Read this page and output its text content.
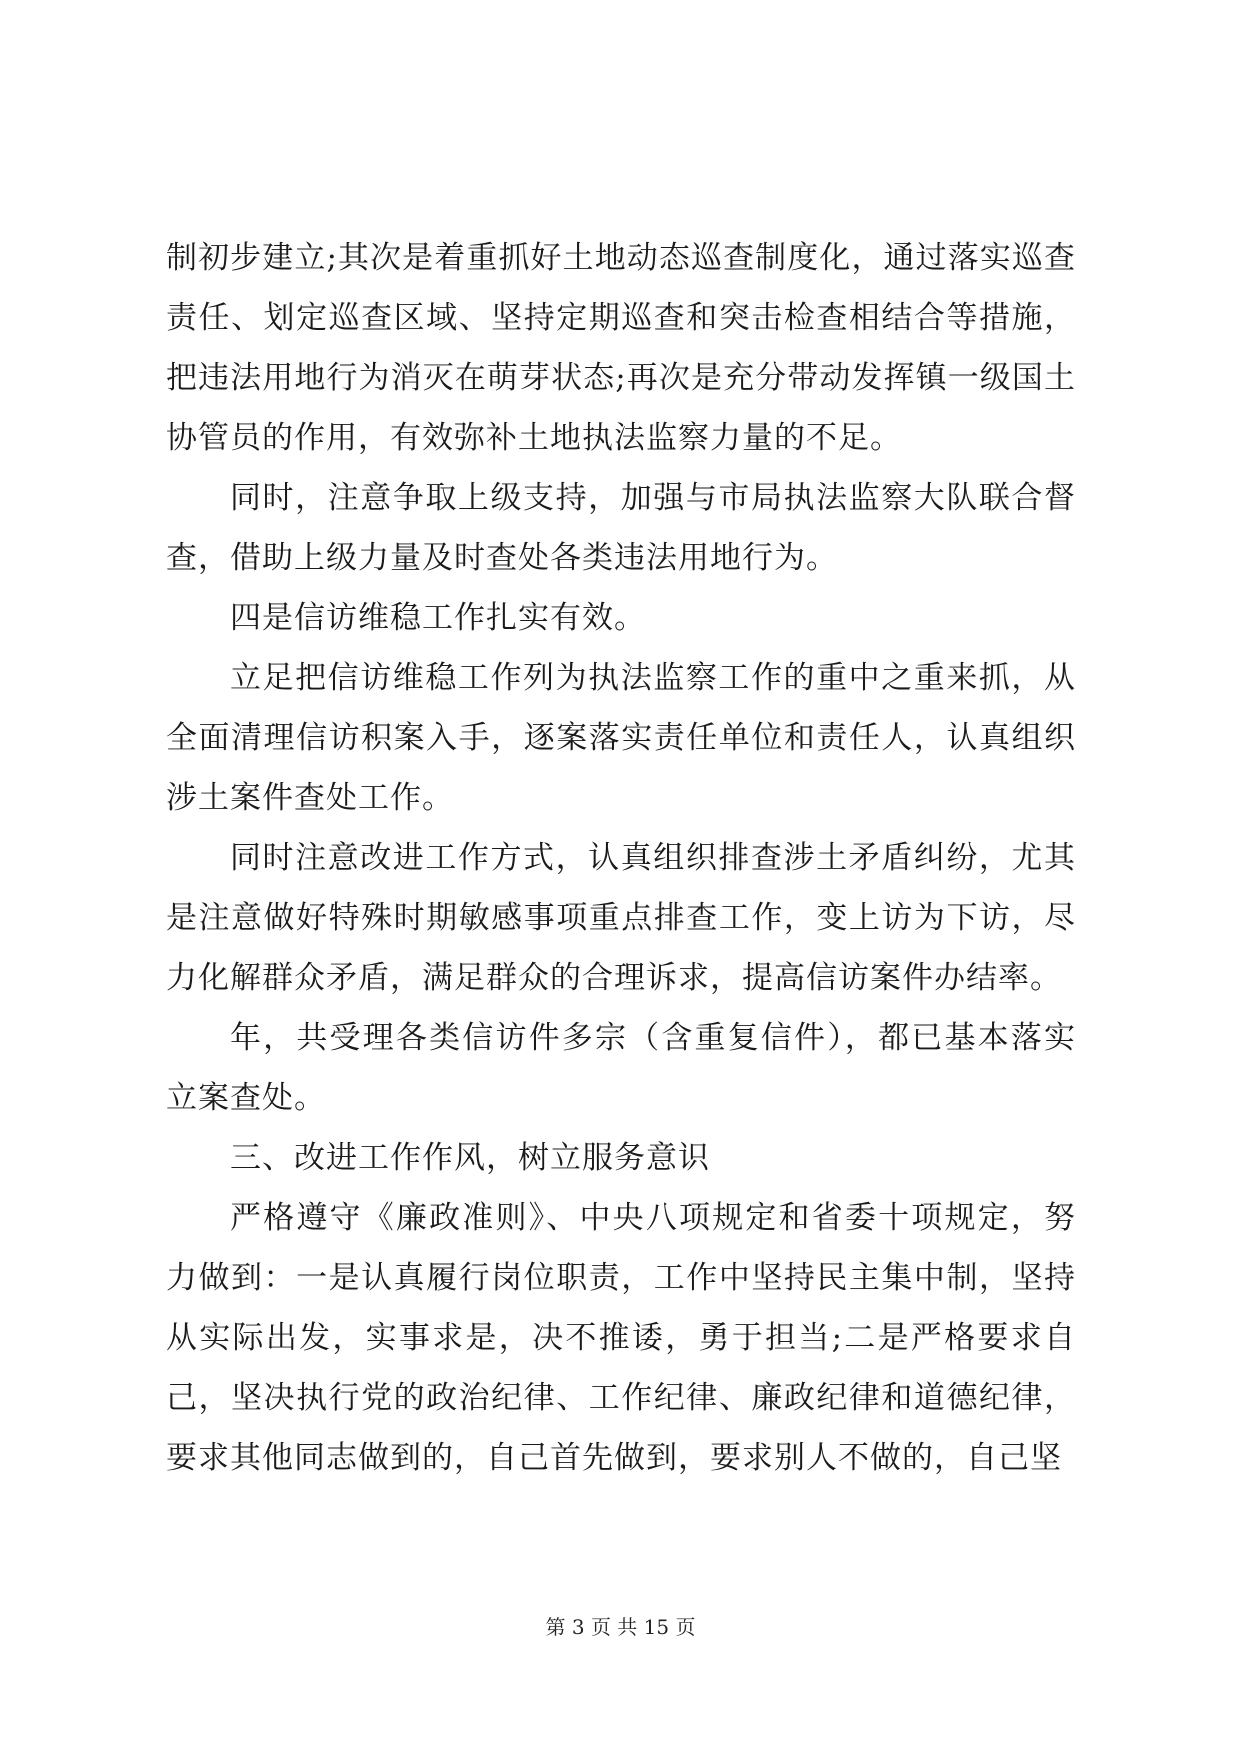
制初步建立;其次是着重抓好土地动态巡查制度化，通过落实巡查责任、划定巡查区域、坚持定期巡查和突击检查相结合等措施，把违法用地行为消灭在萌芽状态;再次是充分带动发挥镇一级国土协管员的作用，有效弥补土地执法监察力量的不足。

同时，注意争取上级支持，加强与市局执法监察大队联合督查，借助上级力量及时查处各类违法用地行为。

四是信访维稳工作扎实有效。

立足把信访维稳工作列为执法监察工作的重中之重来抓，从全面清理信访积案入手，逐案落实责任单位和责任人，认真组织涉土案件查处工作。

同时注意改进工作方式，认真组织排查涉土矛盾纠纷，尤其是注意做好特殊时期敏感事项重点排查工作，变上访为下访，尽力化解群众矛盾，满足群众的合理诉求，提高信访案件办结率。

年，共受理各类信访件多宗（含重复信件），都已基本落实立案查处。

三、改进工作作风，树立服务意识

严格遵守《廉政准则》、中央八项规定和省委十项规定，努力做到：一是认真履行岗位职责，工作中坚持民主集中制，坚持从实际出发，实事求是，决不推诿，勇于担当;二是严格要求自己，坚决执行党的政治纪律、工作纪律、廉政纪律和道德纪律，要求其他同志做到的，自己首先做到，要求别人不做的，自己坚

第 3 页 共 15 页
